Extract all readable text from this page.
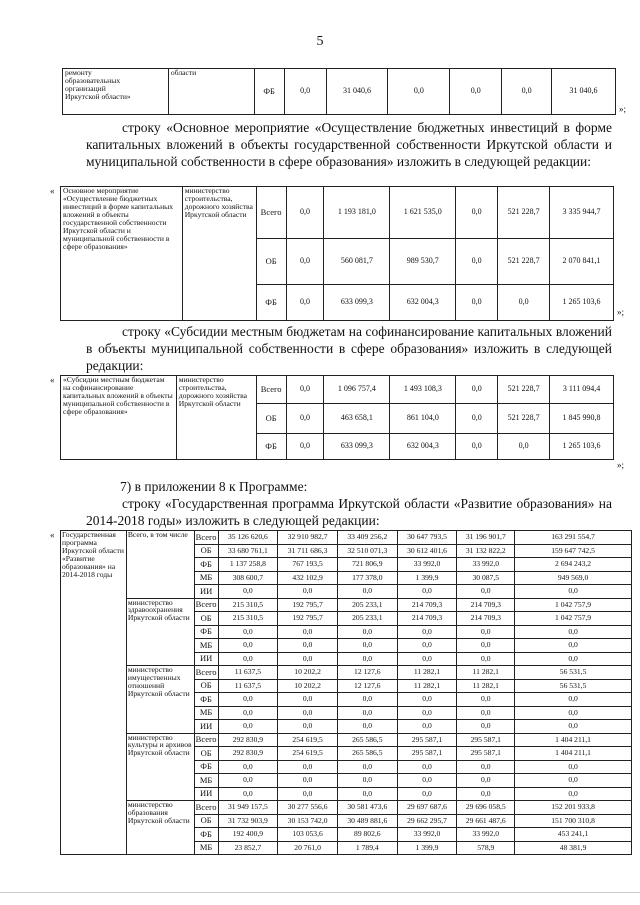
5
ремонту
образовательных
организаций
Иркутской области»	области	ФБ	0,0	31 040,6	0,0	0,0	0,0	31 040,6
»;
строку «Основное мероприятие «Осуществление бюджетных инвестиций в форме капитальных вложений в объекты государственной собственности Иркутской области и муниципальной собственности в сфере образования» изложить в следующей редакции:
« Основное мероприятие «Осуществление бюджетных инвестиций в форме капитальных вложений в объекты государственной собственности Иркутской области и муниципальной собственности в сфере образования»	министерство строительства, дорожного хозяйства Иркутской области	Всего	0,0	1 193 181,0	1 621 535,0	0,0	521 228,7	3 335 944,7
		ОБ	0,0	560 081,7	989 530,7	0,0	521 228,7	2 070 841,1
		ФБ	0,0	633 099,3	632 004,3	0,0	0,0	1 265 103,6
»;
строку «Субсидии местным бюджетам на софинансирование капитальных вложений в объекты муниципальной собственности в сфере образования» изложить в следующей редакции:
« «Субсидии местным бюджетам на софинансирование капитальных вложений в объекты муниципальной собственности в сфере образования»	министерство строительства, дорожного хозяйства Иркутской области	Всего	0,0	1 096 757,4	1 493 108,3	0,0	521 228,7	3 111 094,4
		ОБ	0,0	463 658,1	861 104,0	0,0	521 228,7	1 845 990,8
		ФБ	0,0	633 099,3	632 004,3	0,0	0,0	1 265 103,6
»;
7) в приложении 8 к Программе:
строку «Государственная программа Иркутской области «Развитие образования» на 2014-2018 годы» изложить в следующей редакции:
« Государственная программа Иркутской области «Развитие образования» на 2014-2018 годы	Всего, в том числе	Всего	35 126 620,6	32 910 982,7	33 409 256,2	30 647 793,5	31 196 901,7	163 291 554,7
		ОБ	33 680 761,1	31 711 686,3	32 510 071,3	30 612 401,6	31 132 822,2	159 647 742,5
		ФБ	1 137 258,8	767 193,5	721 806,9	33 992,0	33 992,0	2 694 243,2
		МБ	308 600,7	432 102,9	177 378,0	1 399,9	30 087,5	949 569,0
		ИИ	0,0	0,0	0,0	0,0	0,0	0,0
	министерство здравоохранения Иркутской области	Всего	215 310,5	192 795,7	205 233,1	214 709,3	214 709,3	1 042 757,9
		ОБ	215 310,5	192 795,7	205 233,1	214 709,3	214 709,3	1 042 757,9
		ФБ	0,0	0,0	0,0	0,0	0,0	0,0
		МБ	0,0	0,0	0,0	0,0	0,0	0,0
		ИИ	0,0	0,0	0,0	0,0	0,0	0,0
	министерство имущественных отношений Иркутской области	Всего	11 637,5	10 202,2	12 127,6	11 282,1	11 282,1	56 531,5
		ОБ	11 637,5	10 202,2	12 127,6	11 282,1	11 282,1	56 531,5
		ФБ	0,0	0,0	0,0	0,0	0,0	0,0
		МБ	0,0	0,0	0,0	0,0	0,0	0,0
		ИИ	0,0	0,0	0,0	0,0	0,0	0,0
	министерство культуры и архивов Иркутской области	Всего	292 830,9	254 619,5	265 586,5	295 587,1	295 587,1	1 404 211,1
		ОБ	292 830,9	254 619,5	265 586,5	295 587,1	295 587,1	1 404 211,1
		ФБ	0,0	0,0	0,0	0,0	0,0	0,0
		МБ	0,0	0,0	0,0	0,0	0,0	0,0
		ИИ	0,0	0,0	0,0	0,0	0,0	0,0
	министерство образования Иркутской области	Всего	31 949 157,5	30 277 556,6	30 581 473,6	29 697 687,6	29 696 058,5	152 201 933,8
		ОБ	31 732 903,9	30 153 742,0	30 489 881,6	29 662 295,7	29 661 487,6	151 700 310,8
		ФБ	192 400,9	103 053,6	89 802,6	33 992,0	33 992,0	453 241,1
		МБ	23 852,7	20 761,0	1 789,4	1 399,9	578,9	48 381,9
